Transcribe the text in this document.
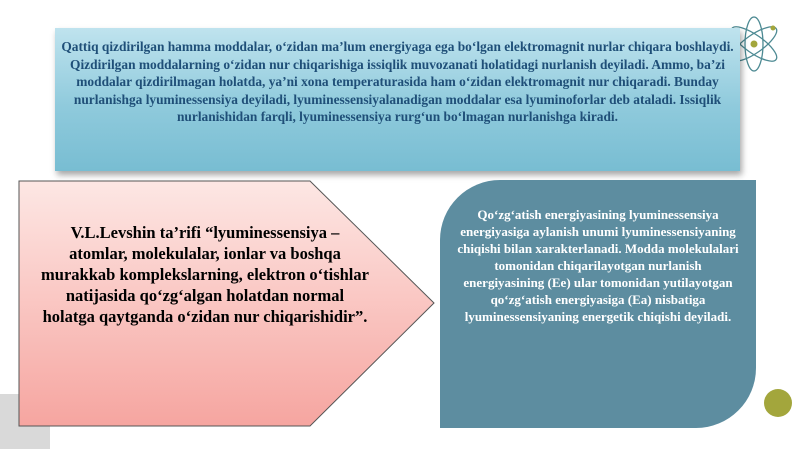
Qattiq qizdirilgan hamma moddalar, o‘zidan ma’lum energiyaga ega bo‘lgan elektromagnit nurlar chiqara boshlaydi. Qizdirilgan moddalarning o‘zidan nur chiqarishiga issiqlik muvozanati holatidagi nurlanish deyiladi. Ammo, ba’zi moddalar qizdirilmagan holatda, ya’ni xona temperaturasida ham o‘zidan elektromagnit nur chiqaradi. Bunday nurlanishga lyuminessensiya deyiladi, lyuminessensiyalanadigan moddalar esa lyuminoforlar deb ataladi. Issiqlik nurlanishidan farqli, lyuminessensiya rurg‘un bo‘lmagan nurlanishga kiradi.
V.L.Levshin ta’rifi “lyuminessensiya – atomlar, molekulalar, ionlar va boshqa murakkab komplekslarning, elektron o‘tishlar natijasida qo‘zg‘algan holatdan normal holatga qaytganda o‘zidan nur chiqarishidir”.
Qo‘zg‘atish energiyasining lyuminessensiya energiyasiga aylanish unumi lyuminessensiyaning chiqishi bilan xarakterlanadi. Modda molekulalari tomonidan chiqarilayotgan nurlanish energiyasining (Ee) ular tomonidan yutilayotgan qo‘zg‘atish energiyasiga (Ea) nisbatiga lyuminessensiyaning energetik chiqishi deyiladi.
